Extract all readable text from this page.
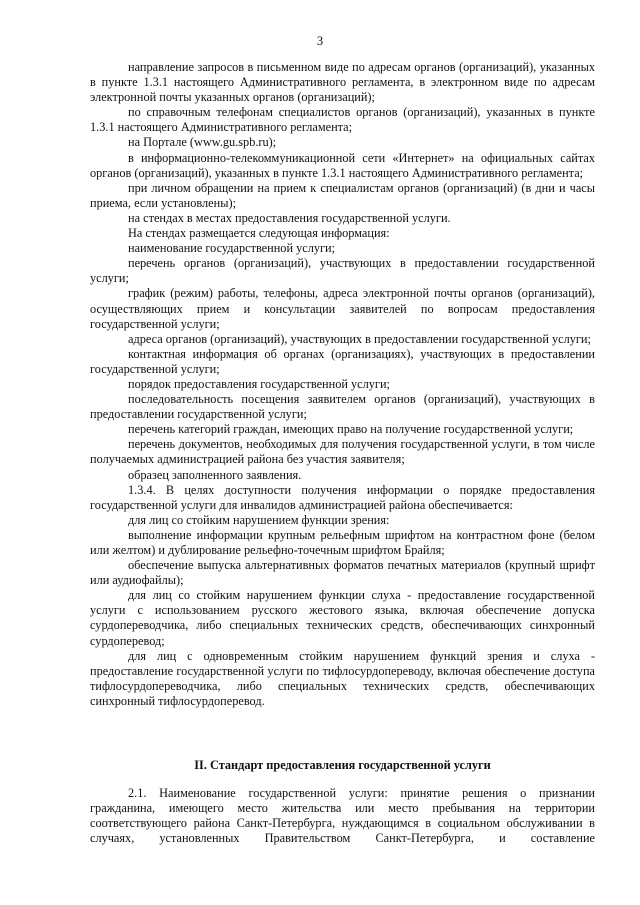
3

направление запросов в письменном виде по адресам органов (организаций), указанных в пункте 1.3.1 настоящего Административного регламента, в электронном виде по адресам электронной почты указанных органов (организаций);

по справочным телефонам специалистов органов (организаций), указанных в пункте 1.3.1 настоящего Административного регламента;

на Портале (www.gu.spb.ru);

в информационно-телекоммуникационной сети «Интернет» на официальных сайтах органов (организаций), указанных в пункте 1.3.1 настоящего Административного регламента;

при личном обращении на прием к специалистам органов (организаций) (в дни и часы приема, если установлены);

на стендах в местах предоставления государственной услуги.

На стендах размещается следующая информация:

наименование государственной услуги;

перечень органов (организаций), участвующих в предоставлении государственной услуги;

график (режим) работы, телефоны, адреса электронной почты органов (организаций), осуществляющих прием и консультации заявителей по вопросам предоставления государственной услуги;

адреса органов (организаций), участвующих в предоставлении государственной услуги;

контактная информация об органах (организациях), участвующих в предоставлении государственной услуги;

порядок предоставления государственной услуги;

последовательность посещения заявителем органов (организаций), участвующих в предоставлении государственной услуги;

перечень категорий граждан, имеющих право на получение государственной услуги;

перечень документов, необходимых для получения государственной услуги, в том числе получаемых администрацией района без участия заявителя;

образец заполненного заявления.

1.3.4. В целях доступности получения информации о порядке предоставления государственной услуги для инвалидов администрацией района обеспечивается:

для лиц со стойким нарушением функции зрения:

выполнение информации крупным рельефным шрифтом на контрастном фоне (белом или желтом) и дублирование рельефно-точечным шрифтом Брайля;

обеспечение выпуска альтернативных форматов печатных материалов (крупный шрифт или аудиофайлы);

для лиц со стойким нарушением функции слуха - предоставление государственной услуги с использованием русского жестового языка, включая обеспечение допуска сурдопереводчика, либо специальных технических средств, обеспечивающих синхронный сурдоперевод;

для лиц с одновременным стойким нарушением функций зрения и слуха - предоставление государственной услуги по тифлосурдопереводу, включая обеспечение доступа тифлосурдопереводчика, либо специальных технических средств, обеспечивающих синхронный тифлосурдоперевод.

II. Стандарт предоставления государственной услуги

2.1. Наименование государственной услуги: принятие решения о признании гражданина, имеющего место жительства или место пребывания на территории соответствующего района Санкт-Петербурга, нуждающимся в социальном обслуживании в случаях, установленных Правительством Санкт-Петербурга, и составление
